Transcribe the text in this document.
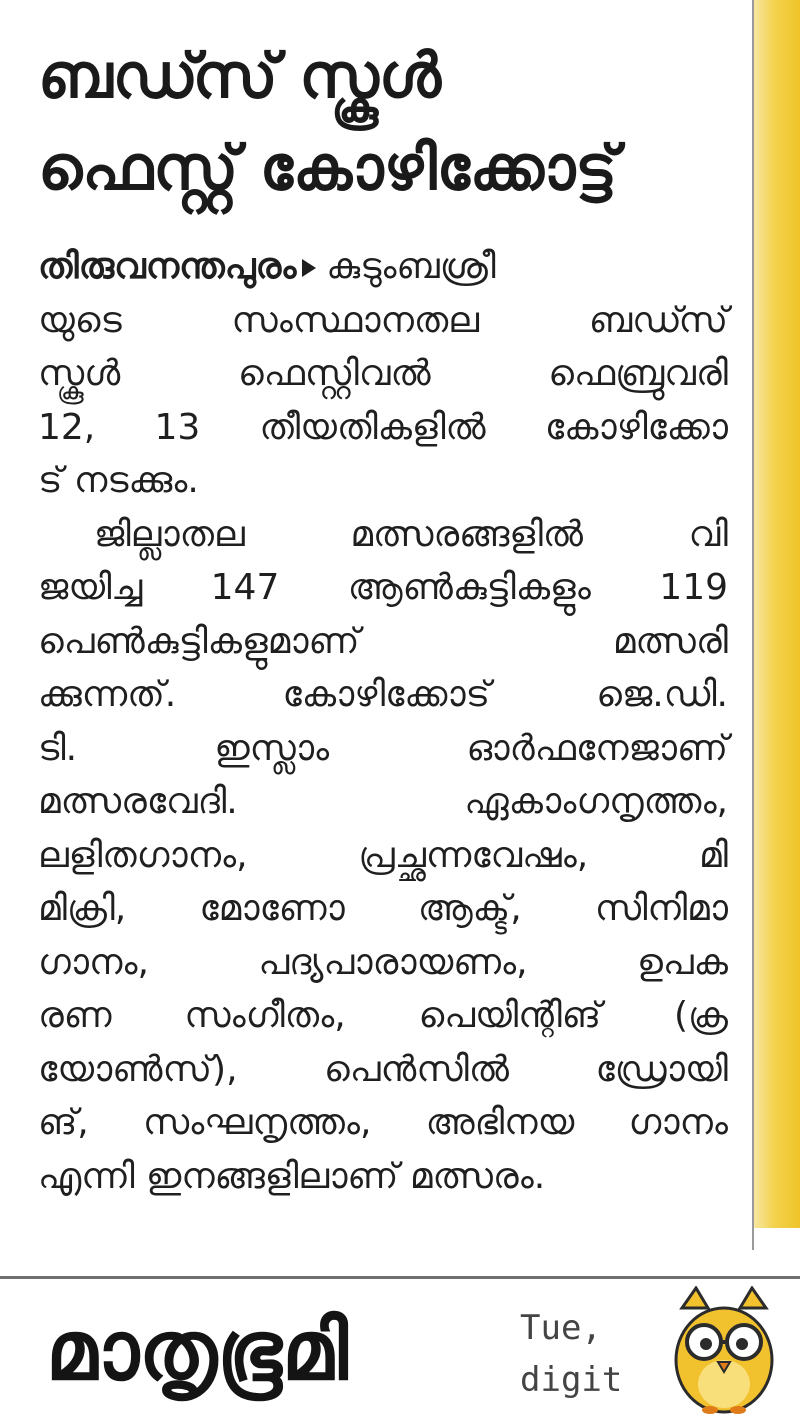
ബഡ്സ് സ്കൂൾ
ഫെസ്റ്റ് കോഴിക്കോട്ട്
തിരുവനന്തപുരം കുടുംബശ്രീ
യുടെ സംസ്ഥാനതല ബഡ്സ്
സ്കൂൾ ഫെസ്റ്റിവൽ ഫെബ്രുവരി
12, 13 തീയതികളിൽ കോഴിക്കോ
ട് നടക്കും.
ജില്ലാതല മത്സരങ്ങളിൽ വി
ജയിച്ച 147 ആൺകുട്ടികളും 119
പെൺകുട്ടികളുമാണ് മത്സരി
ക്കുന്നത്. കോഴിക്കോട് ജെ.ഡി.
ടി. ഇസ്ലാം ഓർഫനേജാണ്
മത്സരവേദി. ഏകാംഗനൃത്തം,
ലളിതഗാനം, പ്രച്ഛന്നവേഷം, മി
മിക്രി, മോണോ ആക്ട്, സിനിമാ
ഗാനം, പദ്യപാരായണം, ഉപക
രണ സംഗീതം, പെയിന്റിങ് (ക്ര
യോൺസ്), പെൻസിൽ ഡ്രോയി
ങ്, സംഘനൃത്തം, അഭിനയ ഗാനം
എന്നി ഇനങ്ങളിലാണ് മത്സരം.
മാതൃഭൂമി	Tue,
digit
